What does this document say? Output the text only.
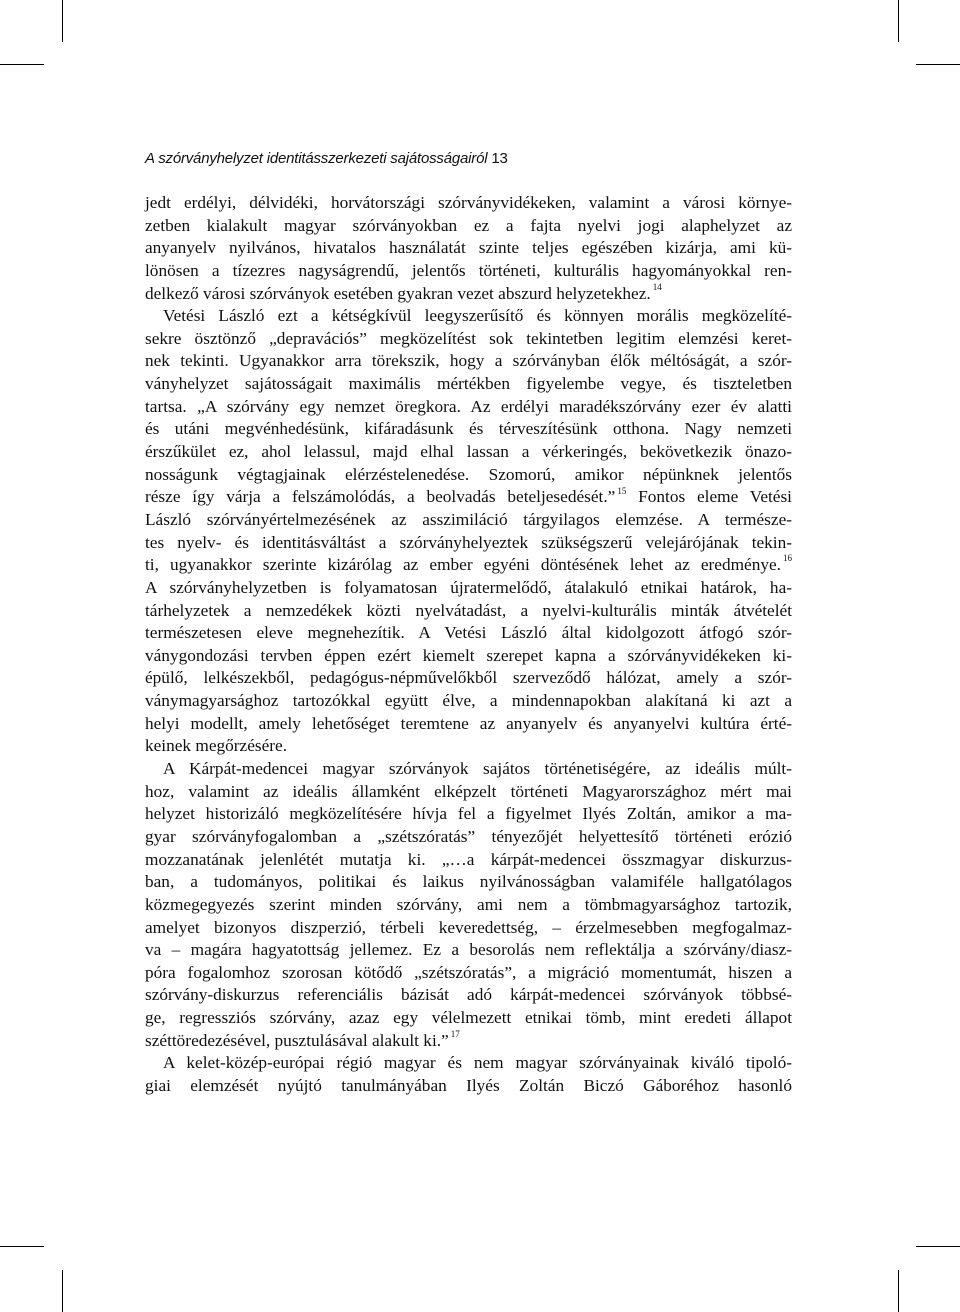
A szórványhelyzet identitásszerkezeti sajátosságairól 13
jedt erdélyi, délvidéki, horvátországi szórványvidékeken, valamint a városi környe-
zetben kialakult magyar szórványokban ez a fajta nyelvi jogi alaphelyzet az
anyanyelv nyilvános, hivatalos használatát szinte teljes egészében kizárja, ami kü-
lönösen a tízezres nagyságrendű, jelentős történeti, kulturális hagyományokkal ren-
delkező városi szórványok esetében gyakran vezet abszurd helyzetekhez. $^{14}$
Vetési László ezt a kétségkívül leegyszerűsítő és könnyen morális megközelíté-
sekre ösztönző „depravációs” megközelítést sok tekintetben legitim elemzési keret-
nek tekinti. Ugyanakkor arra törekszik, hogy a szórványban élők méltóságát, a szór-
ványhelyzet sajátosságait maximális mértékben figyelembe vegye, és tiszteletben
tartsa. „A szórvány egy nemzet öregkora. Az erdélyi maradékszórvány ezer év alatti
és utáni megvénhedésünk, kifáradásunk és térveszítésünk otthona. Nagy nemzeti
érszűkület ez, ahol lelassul, majd elhal lassan a vérkeringés, bekövetkezik önazo-
nosságunk végtagjainak elérzéstelenedése. Szomorú, amikor népünknek jelentős
része így várja a felszámolódás, a beolvadás beteljesedését.” $^{15}$ Fontos eleme Vetési
László szórványértelmezésének az asszimiláció tárgyilagos elemzése. A természe-
tes nyelv- és identitásváltást a szórványhelyeztek szükségszerű velejárójának tekin-
ti, ugyanakkor szerinte kizárólag az ember egyéni döntésének lehet az eredménye. $^{16}$
A szórványhelyzetben is folyamatosan újratermelődő, átalakuló etnikai határok, ha-
tárhelyzetek a nemzedékek közti nyelvátadást, a nyelvi-kulturális minták átvételét
természetesen eleve megnehezítik. A Vetési László által kidolgozott átfogó szór-
ványgondozási tervben éppen ezért kiemelt szerepet kapna a szórványvidékeken ki-
épülő, lelkészekből, pedagógus-népművelőkből szerveződő hálózat, amely a szór-
ványmagyarsághoz tartozókkal együtt élve, a mindennapokban alakítaná ki azt a
helyi modellt, amely lehetőséget teremtene az anyanyelv és anyanyelvi kultúra érté-
keinek megőrzésére.
A Kárpát-medencei magyar szórványok sajátos történetiségére, az ideális múlt-
hoz, valamint az ideális államként elképzelt történeti Magyarországhoz mért mai
helyzet historizáló megközelítésére hívja fel a figyelmet Ilyés Zoltán, amikor a ma-
gyar szórványfogalomban a „szétszóratás” tényezőjét helyettesítő történeti erózió
mozzanatának jelenlétét mutatja ki. „…a kárpát-medencei összmagyar diskurzus-
ban, a tudományos, politikai és laikus nyilvánosságban valamiféle hallgatólagos
közmegegyezés szerint minden szórvány, ami nem a tömbmagyarsághoz tartozik,
amelyet bizonyos diszperzió, térbeli keveredettség, – érzelmesebben megfogalmaz-
va – magára hagyatottság jellemez. Ez a besorolás nem reflektálja a szórvány/diasz-
póra fogalomhoz szorosan kötődő „szétszóratás”, a migráció momentumát, hiszen a
szórvány-diskurzus referenciális bázisát adó kárpát-medencei szórványok többsé-
ge, regressziós szórvány, azaz egy vélelmezett etnikai tömb, mint eredeti állapot
széttöredezésével, pusztulásával alakult ki.” $^{17}$
A kelet-közép-európai régió magyar és nem magyar szórványainak kiváló tipoló-
giai elemzését nyújtó tanulmányában Ilyés Zoltán Biczó Gáboréhoz hasonló
